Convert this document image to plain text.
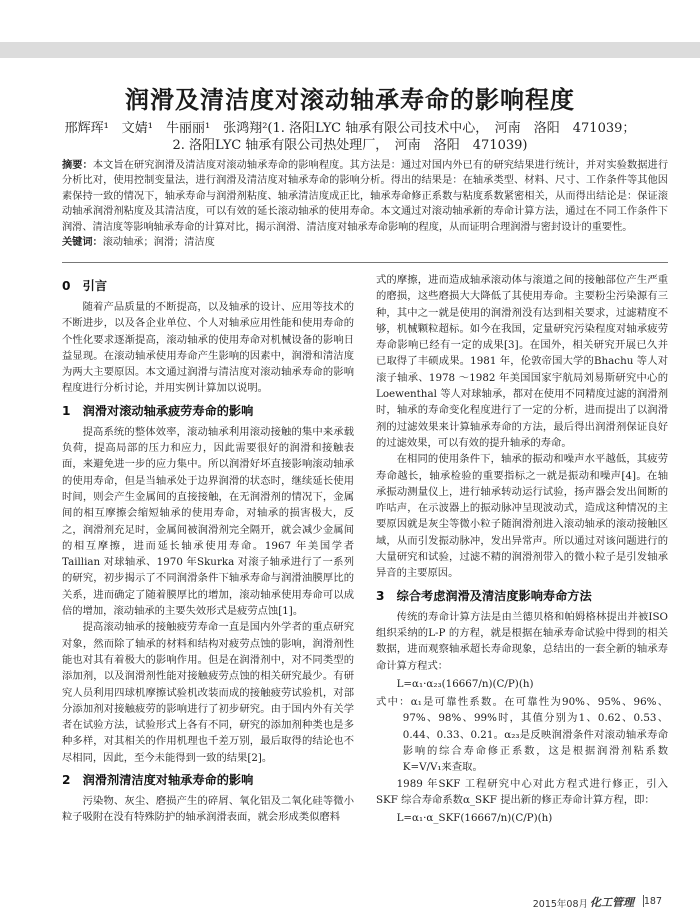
润滑及清洁度对滚动轴承寿命的影响程度
邢辉珲¹　文婧¹　牛丽丽¹　张鸿翔²(1. 洛阳LYC 轴承有限公司技术中心，　河南　洛阳　471039；
2. 洛阳LYC 轴承有限公司热处理厂，　河南　洛阳　471039)
摘要：本文旨在研究润滑及清洁度对滚动轴承寿命的影响程度。其方法是：通过对国内外已有的研究结果进行统计，并对实验数据进行分析比对，使用控制变量法，进行润滑及清洁度对轴承寿命的影响分析。得出的结果是：在轴承类型、材料、尺寸、工作条件等其他因素保持一致的情况下，轴承寿命与润滑剂粘度、轴承清洁度成正比，轴承寿命修正系数与粘度系数紧密相关，从而得出结论是：保证滚动轴承润滑剂粘度及其清洁度，可以有效的延长滚动轴承的使用寿命。本文通过对滚动轴承新的寿命计算方法，通过在不同工作条件下润滑、清洁度等影响轴承寿命的计算对比，揭示润滑、清洁度对轴承寿命影响的程度，从而证明合理润滑与密封设计的重要性。
关键词：滚动轴承；润滑；清洁度
0　引言

随着产品质量的不断提高，以及轴承的设计、应用等技术的不断进步，以及各企业单位、个人对轴承应用性能和使用寿命的个性化要求逐渐提高，滚动轴承的使用寿命对机械设备的影响日益显现。在滚动轴承使用寿命产生影响的因素中，润滑和清洁度为两大主要原因。本文通过润滑与清洁度对滚动轴承寿命的影响程度进行分析讨论，并用实例计算加以说明。

1　润滑对滚动轴承疲劳寿命的影响

提高系统的整体效率，滚动轴承利用滚动接触的集中来承载负荷，提高局部的压力和应力，因此需要很好的润滑和接触表面，来避免进一步的应力集中。所以润滑好坏直接影响滚动轴承的使用寿命，但是当轴承处于边界润滑的状态时，继续延长使用时间，则会产生金属间的直接接触，在无润滑剂的情况下，金属间的相互摩擦会缩短轴承的使用寿命，对轴承的损害极大，反之，润滑剂充足时，金属间被润滑剂完全隔开，就会减少金属间的相互摩擦，进而延长轴承使用寿命。1967 年美国学者Taillian 对球轴承、1970 年Skurka 对滚子轴承进行了一系列的研究，初步揭示了不同润滑条件下轴承寿命与润滑油膜厚比的关系，进而确定了随着膜厚比的增加，滚动轴承使用寿命可以成倍的增加，滚动轴承的主要失效形式是疲劳点蚀[1]。

提高滚动轴承的接触疲劳寿命一直是国内外学者的重点研究对象，然而除了轴承的材料和结构对疲劳点蚀的影响，润滑剂性能也对其有着极大的影响作用。但是在润滑剂中，对不同类型的添加剂，以及润滑剂性能对接触疲劳点蚀的相关研究最少。有研究人员利用四球机摩擦试验机改装而成的接触疲劳试验机，对部分添加剂对接触疲劳的影响进行了初步研究。由于国内外有关学者在试验方法，试验形式上各有不同，研究的添加剂种类也是多种多样，对其相关的作用机理也千差万别，最后取得的结论也不尽相同，因此，至今未能得到一致的结果[2]。

2　润滑剂清洁度对轴承寿命的影响

污染物、灰尘、磨损产生的碎屑、氧化铝及二氧化硅等微小粒子吸附在没有特殊防护的轴承润滑表面，就会形成类似磨料

式的摩擦，进而造成轴承滚动体与滚道之间的接触部位产生严重的磨损，这些磨损大大降低了其使用寿命。主要粉尘污染源有三种，其中之一就是使用的润滑剂没有达到相关要求，过滤精度不够，机械颗粒超标。如今在我国，定量研究污染程度对轴承疲劳寿命影响已经有一定的成果[3]。在国外，相关研究开展已久并已取得了丰硕成果。1981 年，伦敦帝国大学的Bhachu 等人对滚子轴承、1978 ～1982 年美国国家宇航局刘易斯研究中心的Loewenthal 等人对球轴承，都对在使用不同精度过滤的润滑剂时，轴承的寿命变化程度进行了一定的分析，进而提出了以润滑剂的过滤效果来计算轴承寿命的方法，最后得出润滑剂保证良好的过滤效果，可以有效的提升轴承的寿命。

在相同的使用条件下，轴承的振动和噪声水平越低，其疲劳寿命越长，轴承检验的重要指标之一就是振动和噪声[4]。在轴承振动测量仪上，进行轴承转动运行试验，扬声器会发出间断的咋咕声，在示波器上的振动脉冲呈现波动式，造成这种情况的主要原因就是灰尘等微小粒子随润滑剂进入滚动轴承的滚动接触区域，从而引发振动脉冲，发出异常声。所以通过对该问题进行的大量研究和试验，过滤不精的润滑剂带入的微小粒子是引发轴承异音的主要原因。

3　综合考虑润滑及清洁度影响寿命方法

传统的寿命计算方法是由兰德贝格和帕姆格林提出并被ISO 组织采纳的L-P 的方程，就是根据在轴承寿命试验中得到的相关数据，进而观察轴承超长寿命现象，总结出的一套全新的轴承寿命计算方程式：

L=α₁·α₂₃(16667/n)(C/P)(h)

式中：α₁是可靠性系数。在可靠性为90%、95%、96%、97%、98%、99%时，其值分别为1、0.62、0.53、0.44、0.33、0.21。α₂₃是反映润滑条件对滚动轴承寿命影响的综合寿命修正系数，这是根据润滑剂粘系数K=V/V₁来查取。

1989 年SKF 工程研究中心对此方程式进行修正，引入SKF 综合寿命系数α_SKF 提出新的修正寿命计算方程，即：

L=α₁·α_SKF(16667/n)(C/P)(h)
2015年08月 化工管理 187
